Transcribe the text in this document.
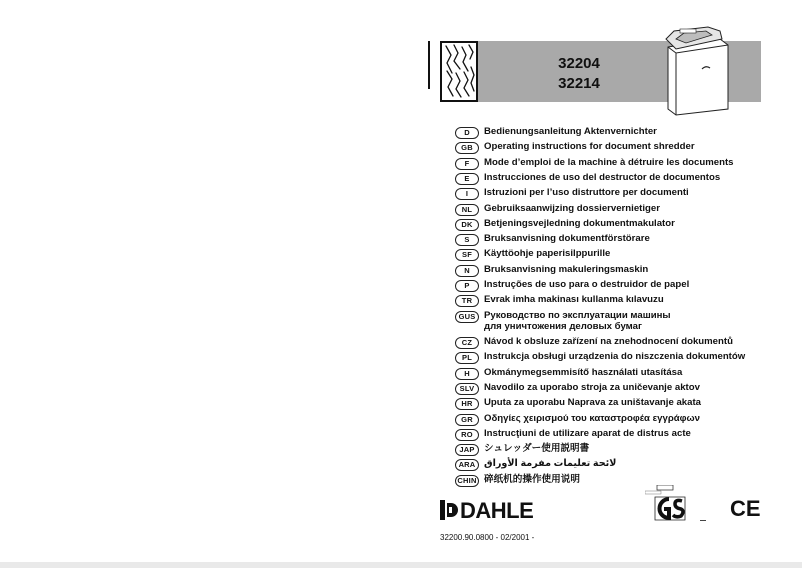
32204
32214
D	Bedienungsanleitung Aktenvernichter
GB	Operating instructions for document shredder
F	Mode d’emploi de la machine à détruire les documents
E	Instrucciones de uso del destructor de documentos
I	Istruzioni per l’uso distruttore per documenti
NL	Gebruiksaanwijzing dossiervernietiger
DK	Betjeningsvejledning dokumentmakulator
S	Bruksanvisning dokumentförstörare
SF	Käyttöohje paperisilppurille
N	Bruksanvisning makuleringsmaskin
P	Instruções de uso para o destruidor de papel
TR	Evrak imha makinası kullanma kılavuzu
GUS Руководство по эксплуатации машины
для уничтожения деловых бумаг
CZ	Návod k obsluze zařízení na znehodnocení dokumentů
PL	Instrukcja obsługi urządzenia do niszczenia dokumentów
H	Okmánymegsemmisítő használati utasítása
SLV	Navodilo za uporabo stroja za uničevanje aktov
HR	Uputa za uporabu Naprava za uništavanje akata
GR	Οδηγίες χειρισμού του καταστροφέα εγγράφων
RO	Instrucţiuni de utilizare aparat de distrus acte
JAP シュレッダー使用説明書
ARA لائحة تعليمات مفرمة الأوراق
CHIN 碎纸机的操作使用说明
DAHLE	CE
32200.90.0800 - 02/2001 -
